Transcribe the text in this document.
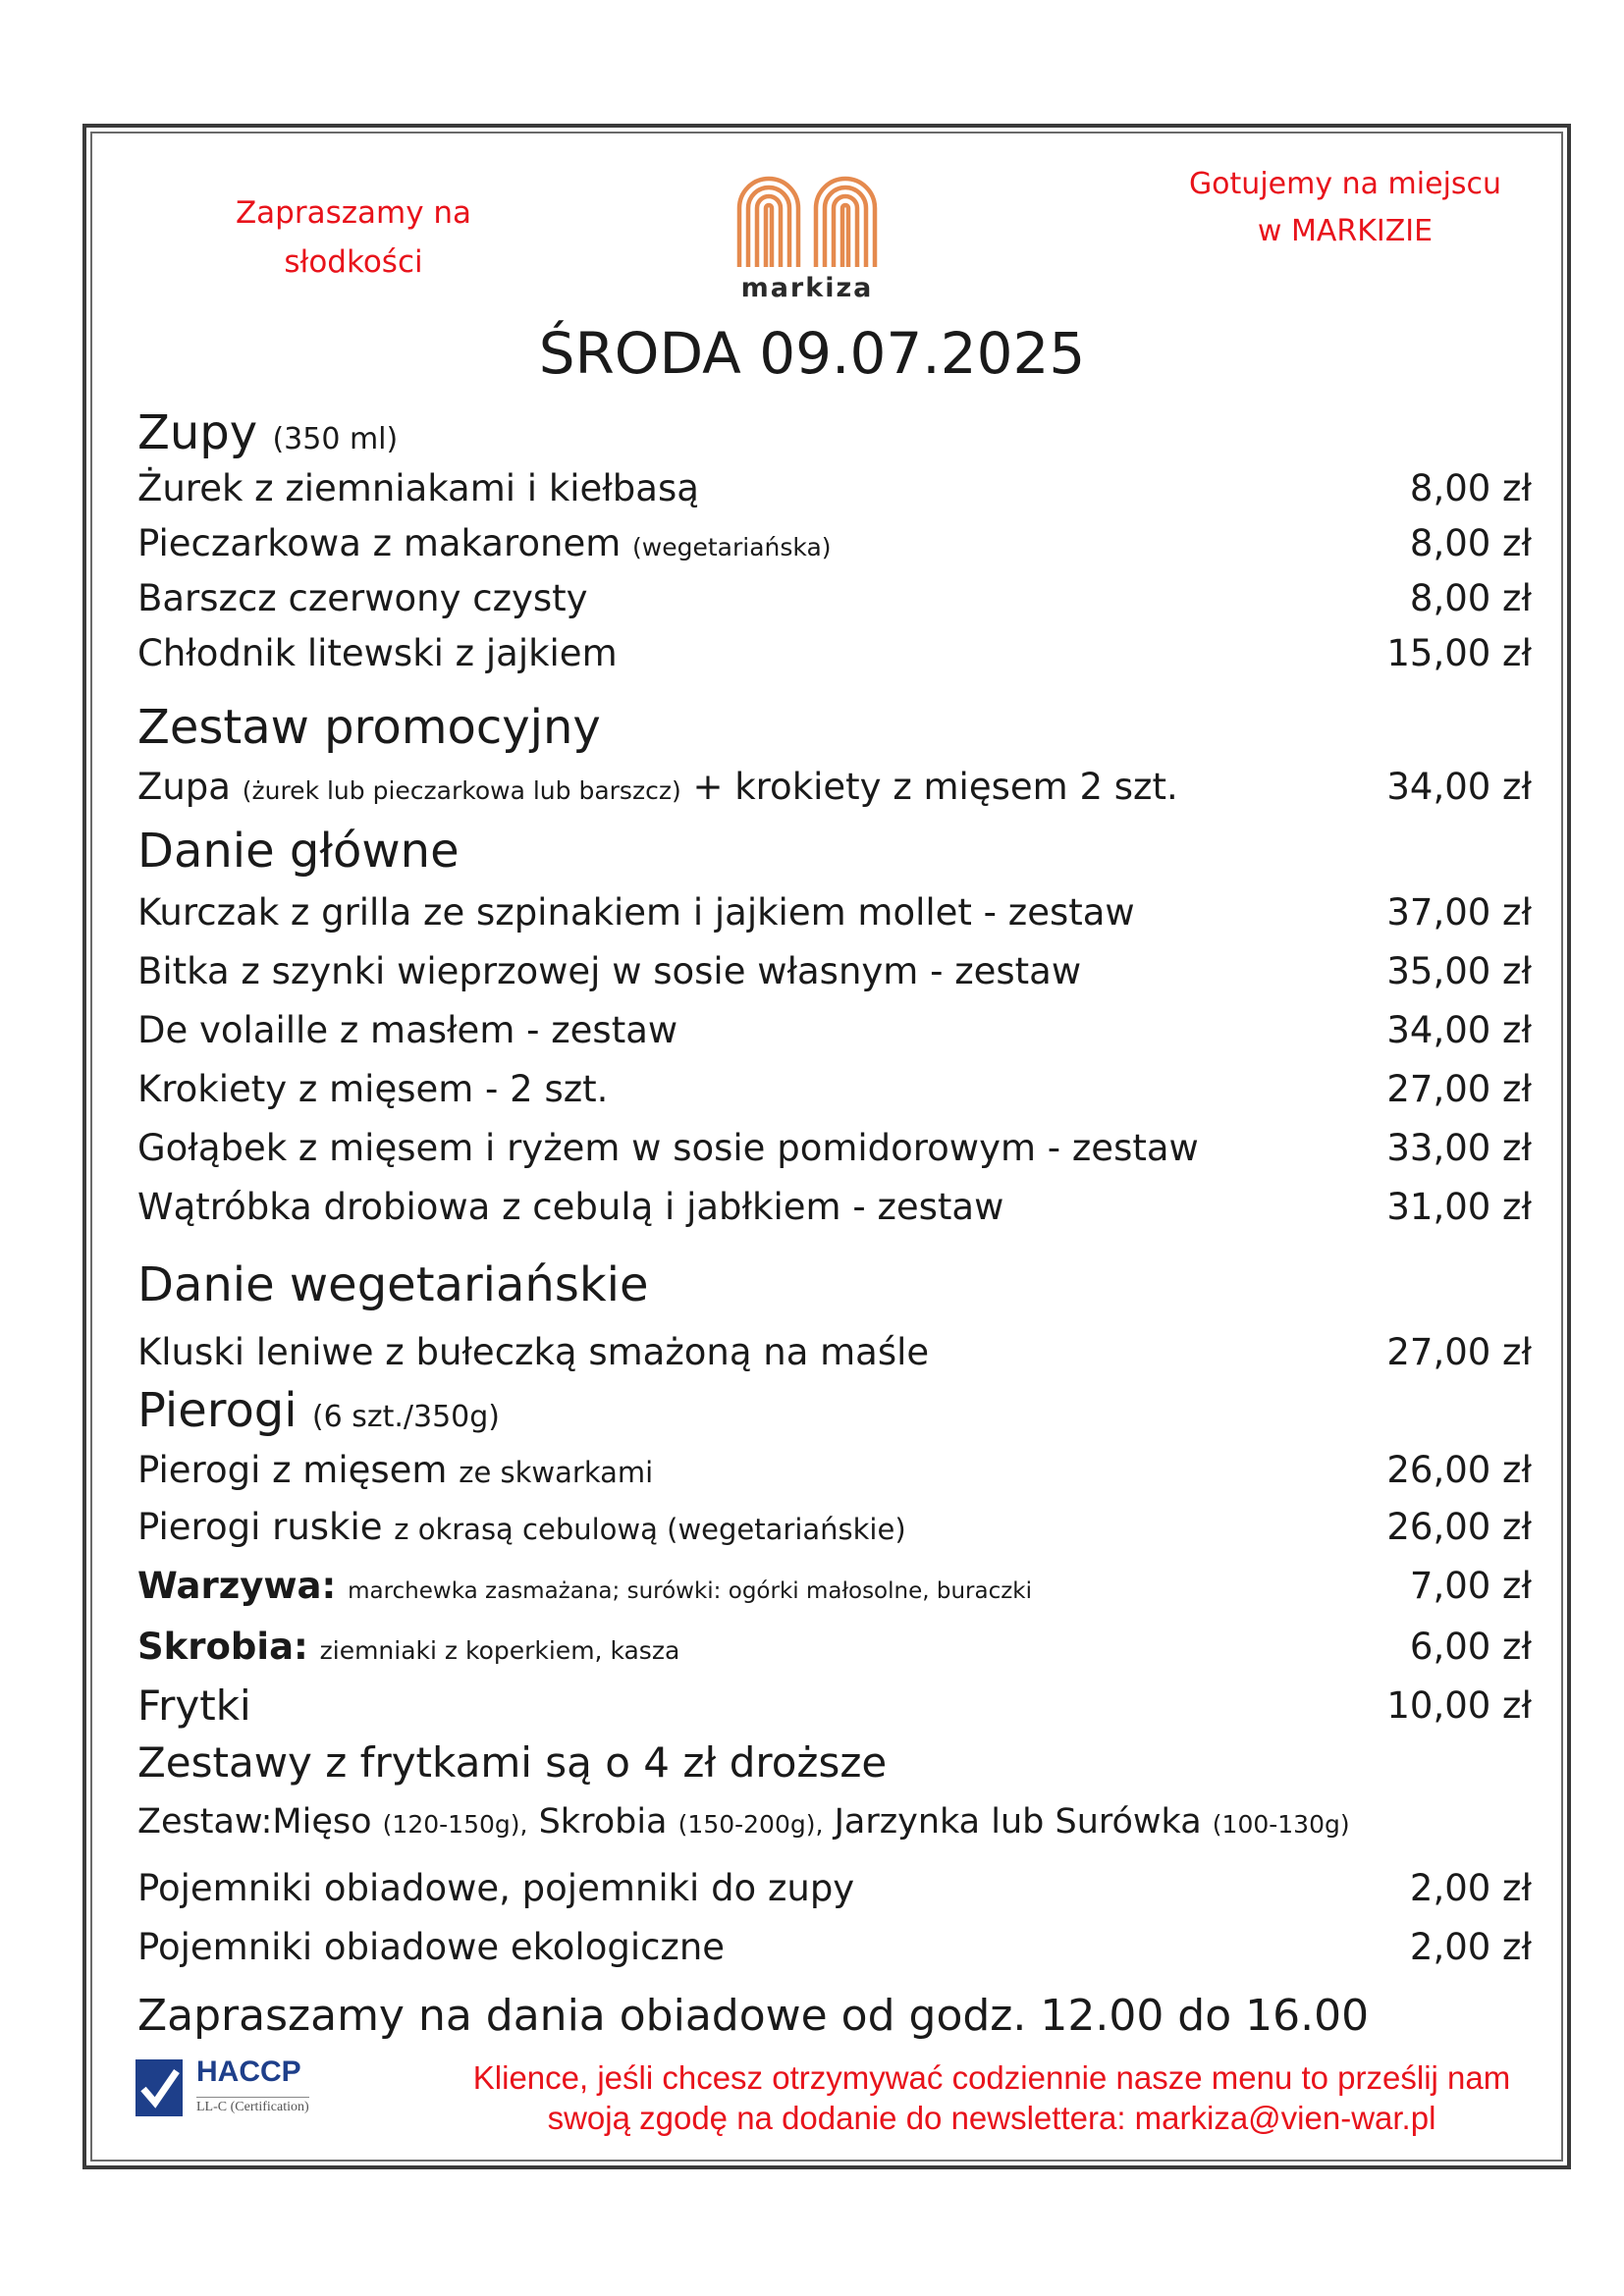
Zapraszamy na
słodkości
Gotujemy na miejscu
w MARKIZIE
markiza
ŚRODA 09.07.2025
Zupy (350 ml)
Żurek z ziemniakami i kiełbasą	8,00 zł
Pieczarkowa z makaronem (wegetariańska)	8,00 zł
Barszcz czerwony czysty	8,00 zł
Chłodnik litewski z jajkiem	15,00 zł
Zestaw promocyjny
Zupa (żurek lub pieczarkowa lub barszcz) + krokiety z mięsem 2 szt.	34,00 zł
Danie główne
Kurczak z grilla ze szpinakiem i jajkiem mollet - zestaw	37,00 zł
Bitka z szynki wieprzowej w sosie własnym - zestaw	35,00 zł
De volaille z masłem - zestaw	34,00 zł
Krokiety z mięsem - 2 szt.	27,00 zł
Gołąbek z mięsem i ryżem w sosie pomidorowym - zestaw	33,00 zł
Wątróbka drobiowa z cebulą i jabłkiem - zestaw	31,00 zł
Danie wegetariańskie
Kluski leniwe z bułeczką smażoną na maśle	27,00 zł
Pierogi (6 szt./350g)
Pierogi z mięsem ze skwarkami	26,00 zł
Pierogi ruskie z okrasą cebulową (wegetariańskie)	26,00 zł
Warzywa: marchewka zasmażana; surówki: ogórki małosolne, buraczki	7,00 zł
Skrobia: ziemniaki z koperkiem, kasza	6,00 zł
Frytki	10,00 zł
Zestawy z frytkami są o 4 zł droższe
Zestaw:Mięso (120-150g), Skrobia (150-200g), Jarzynka lub Surówka (100-130g)
Pojemniki obiadowe, pojemniki do zupy	2,00 zł
Pojemniki obiadowe ekologiczne	2,00 zł
Zapraszamy na dania obiadowe od godz. 12.00 do 16.00
HACCP
LL-C (Certification)
Klience, jeśli chcesz otrzymywać codziennie nasze menu to prześlij nam
swoją zgodę na dodanie do newslettera: markiza@vien-war.pl
